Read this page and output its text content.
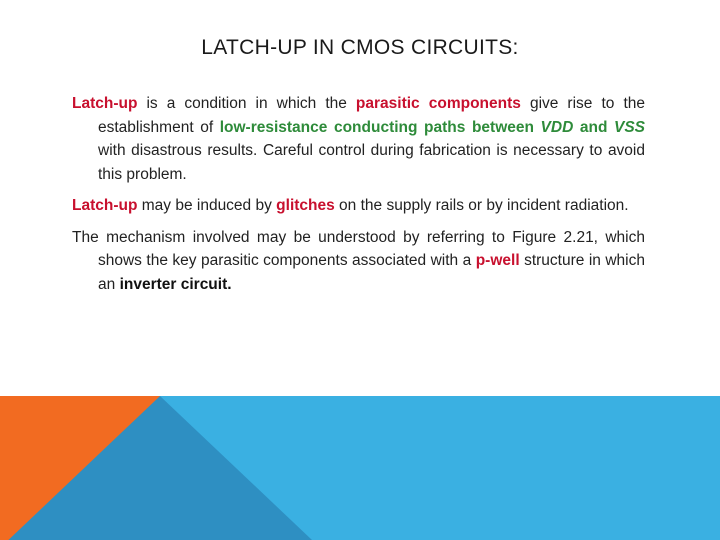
LATCH-UP IN CMOS CIRCUITS:

Latch-up is a condition in which the parasitic components give rise to the establishment of low-resistance conducting paths between VDD and VSS with disastrous results. Careful control during fabrication is necessary to avoid this problem.

Latch-up may be induced by glitches on the supply rails or by incident radiation.

The mechanism involved may be understood by referring to Figure 2.21, which shows the key parasitic components associated with a p-well structure in which an inverter circuit.
